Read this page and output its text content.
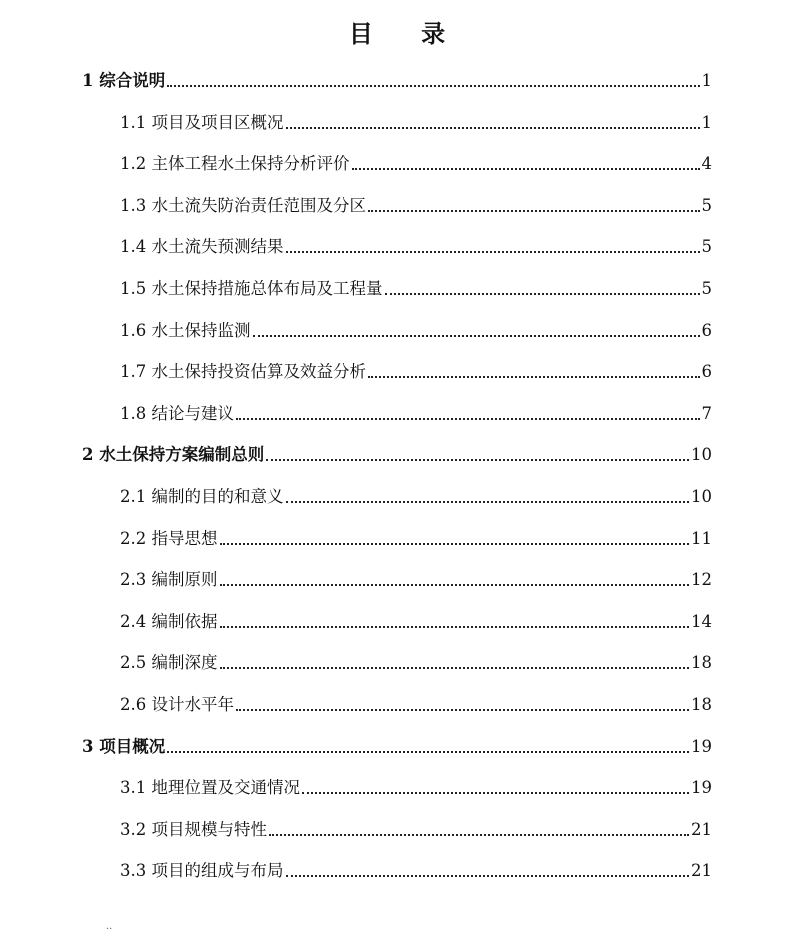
目 录
1 综合说明	1
1.1 项目及项目区概况	1
1.2 主体工程水土保持分析评价	4
1.3 水土流失防治责任范围及分区	5
1.4 水土流失预测结果	5
1.5 水土保持措施总体布局及工程量	5
1.6 水土保持监测	6
1.7 水土保持投资估算及效益分析	6
1.8 结论与建议	7
2 水土保持方案编制总则	10
2.1 编制的目的和意义	10
2.2 指导思想	11
2.3 编制原则	12
2.4 编制依据	14
2.5 编制深度	18
2.6 设计水平年	18
3 项目概况	19
3.1 地理位置及交通情况	19
3.2 项目规模与特性	21
3.3 项目的组成与布局	21
··
